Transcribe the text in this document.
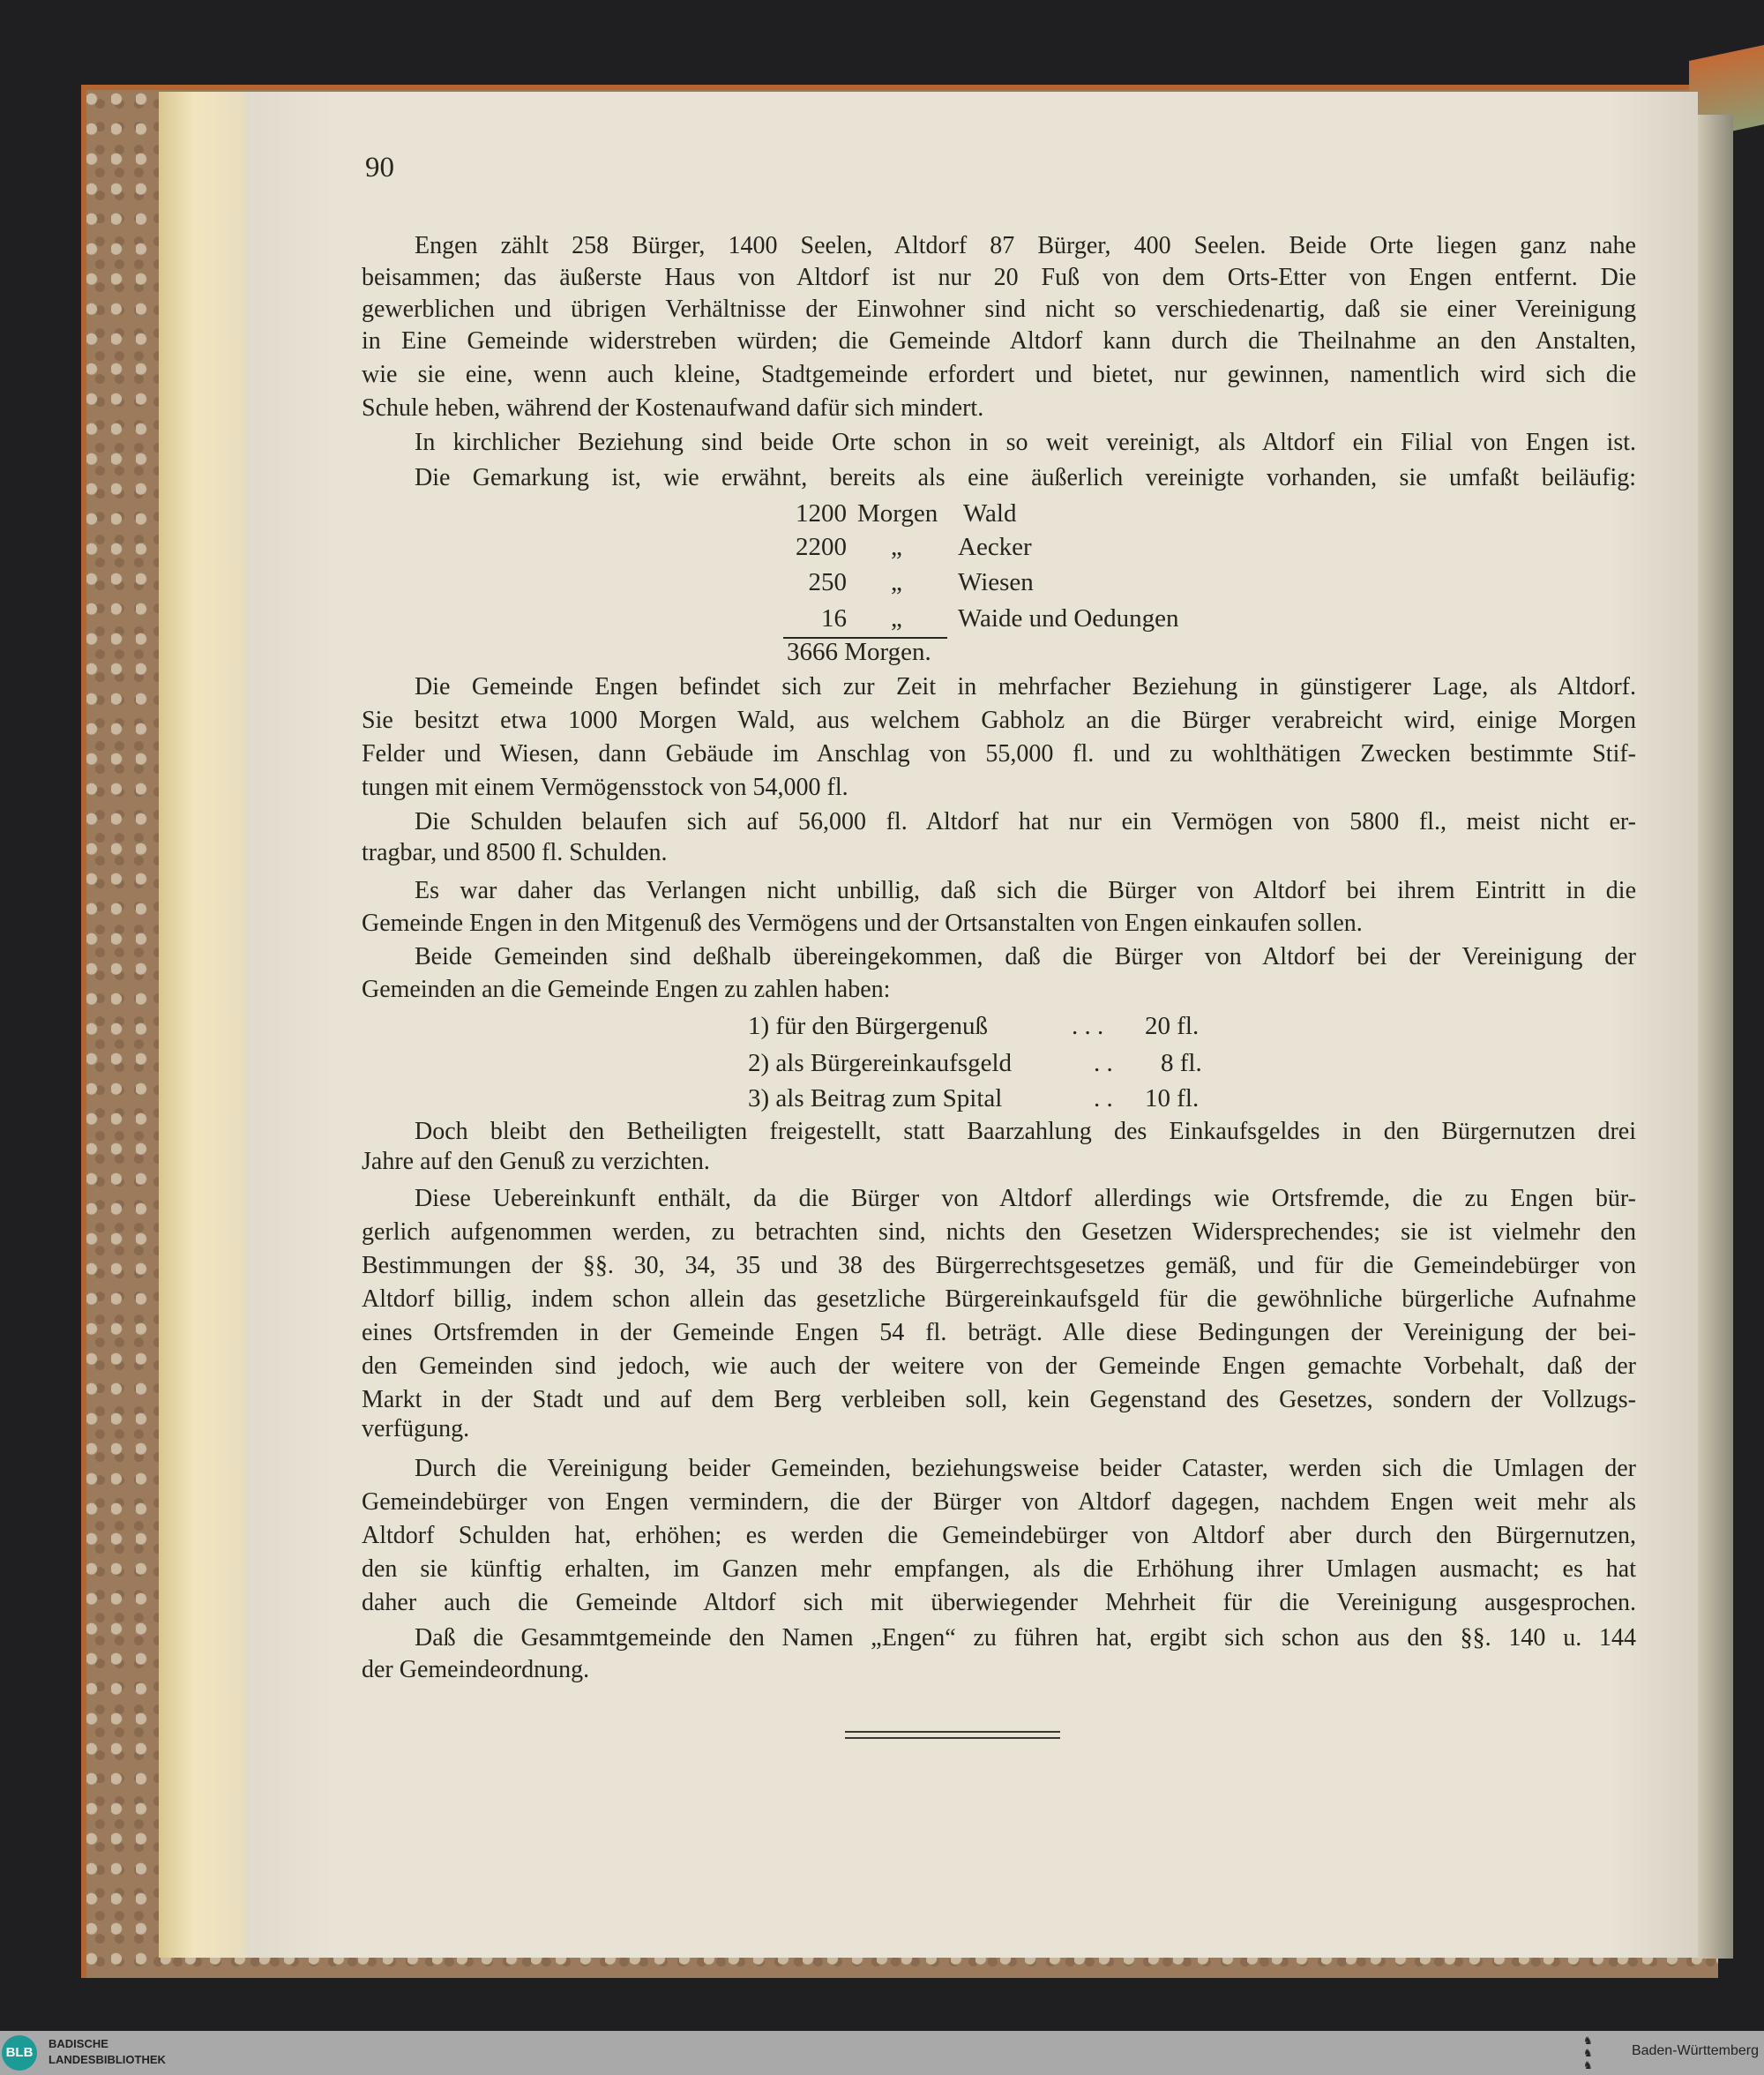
90
Engen zählt 258 Bürger, 1400 Seelen, Altdorf 87 Bürger, 400 Seelen. Beide Orte liegen ganz nahe
beisammen; das äußerste Haus von Altdorf ist nur 20 Fuß von dem Orts-Etter von Engen entfernt. Die
gewerblichen und übrigen Verhältnisse der Einwohner sind nicht so verschiedenartig, daß sie einer Vereinigung
in Eine Gemeinde widerstreben würden; die Gemeinde Altdorf kann durch die Theilnahme an den Anstalten,
wie sie eine, wenn auch kleine, Stadtgemeinde erfordert und bietet, nur gewinnen, namentlich wird sich die
Schule heben, während der Kostenaufwand dafür sich mindert.
In kirchlicher Beziehung sind beide Orte schon in so weit vereinigt, als Altdorf ein Filial von Engen ist.
Die Gemarkung ist, wie erwähnt, bereits als eine äußerlich vereinigte vorhanden, sie umfaßt beiläufig:
1200 Morgen Wald
2200 „ Aecker
250 „ Wiesen
16 „ Waide und Oedungen
3666 Morgen.
Die Gemeinde Engen befindet sich zur Zeit in mehrfacher Beziehung in günstigerer Lage, als Altdorf.
Sie besitzt etwa 1000 Morgen Wald, aus welchem Gabholz an die Bürger verabreicht wird, einige Morgen
Felder und Wiesen, dann Gebäude im Anschlag von 55,000 fl. und zu wohlthätigen Zwecken bestimmte Stif-
tungen mit einem Vermögensstock von 54,000 fl.
Die Schulden belaufen sich auf 56,000 fl. Altdorf hat nur ein Vermögen von 5800 fl., meist nicht er-
tragbar, und 8500 fl. Schulden.
Es war daher das Verlangen nicht unbillig, daß sich die Bürger von Altdorf bei ihrem Eintritt in die
Gemeinde Engen in den Mitgenuß des Vermögens und der Ortsanstalten von Engen einkaufen sollen.
Beide Gemeinden sind deßhalb übereingekommen, daß die Bürger von Altdorf bei der Vereinigung der
Gemeinden an die Gemeinde Engen zu zahlen haben:
1) für den Bürgergenuß	. . . 20 fl.
2) als Bürgereinkaufsgeld	. . 8 fl.
3) als Beitrag zum Spital	. . 10 fl.
Doch bleibt den Betheiligten freigestellt, statt Baarzahlung des Einkaufsgeldes in den Bürgernutzen drei
Jahre auf den Genuß zu verzichten.
Diese Uebereinkunft enthält, da die Bürger von Altdorf allerdings wie Ortsfremde, die zu Engen bür-
gerlich aufgenommen werden, zu betrachten sind, nichts den Gesetzen Widersprechendes; sie ist vielmehr den
Bestimmungen der §§. 30, 34, 35 und 38 des Bürgerrechtsgesetzes gemäß, und für die Gemeindebürger von
Altdorf billig, indem schon allein das gesetzliche Bürgereinkaufsgeld für die gewöhnliche bürgerliche Aufnahme
eines Ortsfremden in der Gemeinde Engen 54 fl. beträgt. Alle diese Bedingungen der Vereinigung der bei-
den Gemeinden sind jedoch, wie auch der weitere von der Gemeinde Engen gemachte Vorbehalt, daß der
Markt in der Stadt und auf dem Berg verbleiben soll, kein Gegenstand des Gesetzes, sondern der Vollzugs-
verfügung.
Durch die Vereinigung beider Gemeinden, beziehungsweise beider Cataster, werden sich die Umlagen der
Gemeindebürger von Engen vermindern, die der Bürger von Altdorf dagegen, nachdem Engen weit mehr als
Altdorf Schulden hat, erhöhen; es werden die Gemeindebürger von Altdorf aber durch den Bürgernutzen,
den sie künftig erhalten, im Ganzen mehr empfangen, als die Erhöhung ihrer Umlagen ausmacht; es hat
daher auch die Gemeinde Altdorf sich mit überwiegender Mehrheit für die Vereinigung ausgesprochen.
Daß die Gesammtgemeinde den Namen „Engen“ zu führen hat, ergibt sich schon aus den §§. 140 u. 144
der Gemeindeordnung.
BLB
BADISCHE
LANDESBIBLIOTHEK
♞
♞
♞
Baden-Württemberg
